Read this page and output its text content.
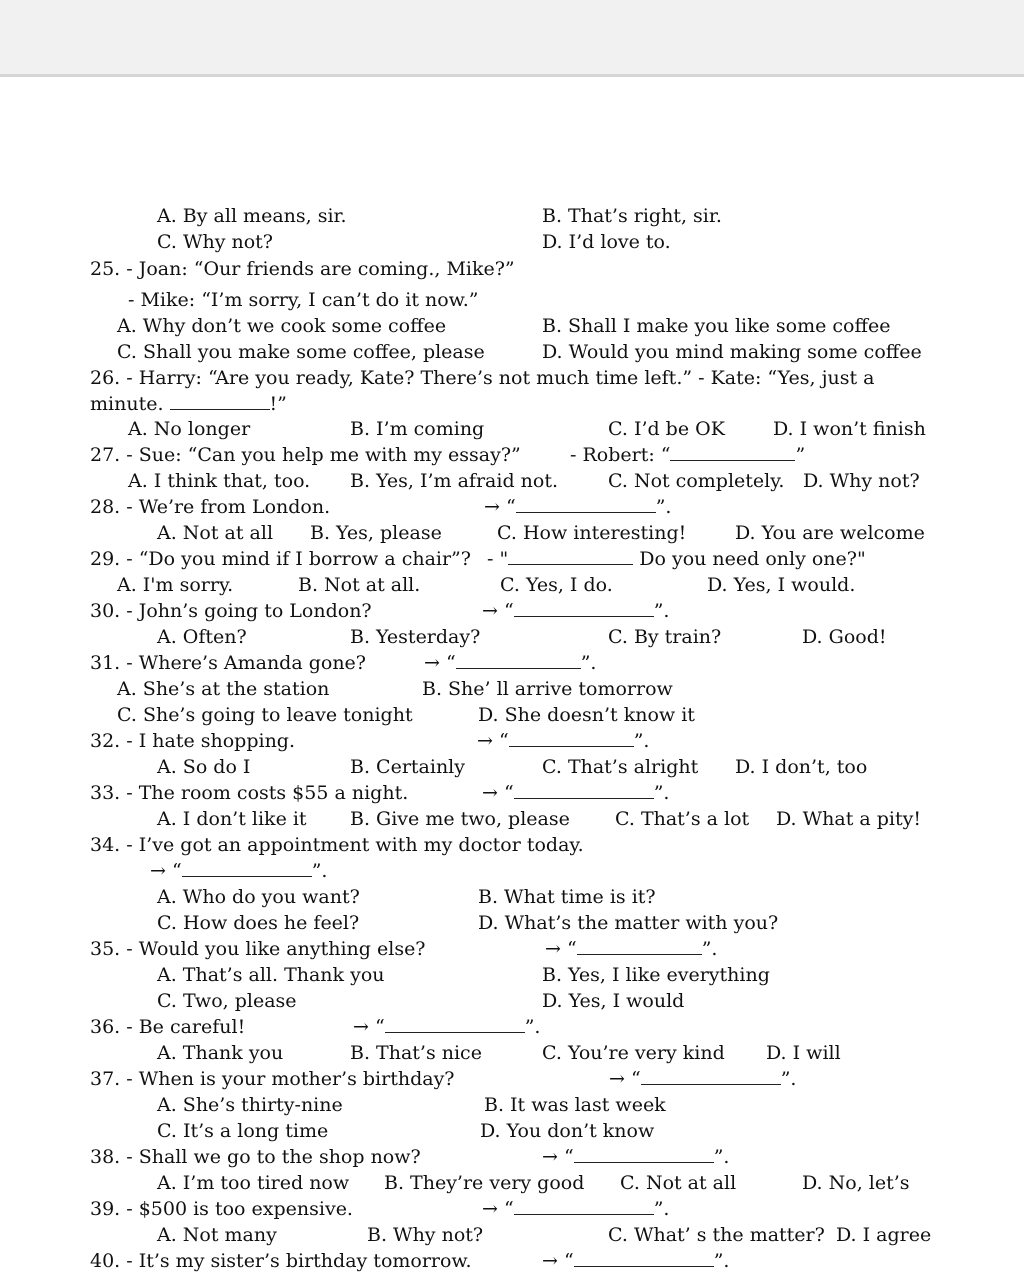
A. By all means, sir.	B. That’s right, sir.
C. Why not?	D. I’d love to.
25. - Joan: “Our friends are coming., Mike?”
- Mike: “I’m sorry, I can’t do it now.”
A. Why don’t we cook some coffee	B. Shall I make you like some coffee
C. Shall you make some coffee, please	D. Would you mind making some coffee
26. - Harry: “Are you ready, Kate? There’s not much time left.” - Kate: “Yes, just a
minute.	!”
A. No longer	B. I’m coming	C. I’d be OK	D. I won’t finish
27. - Sue: “Can you help me with my essay?”	- Robert: “	”
A. I think that, too. B. Yes, I’m afraid not.	C. Not completely. D. Why not?
28. - We’re from London.	→ “	”.
A. Not at all B. Yes, please	C. How interesting!	D. You are welcome
29. - “Do you mind if I borrow a chair”? - "	Do you need only one?"
A. I'm sorry.	B. Not at all.	C. Yes, I do.	D. Yes, I would.
30. - John’s going to London?	→ “	”.
A. Often?	B. Yesterday?	C. By train?	D. Good!
31. - Where’s Amanda gone?	→ “	”.
A. She’s at the station	B. She’ ll arrive tomorrow
C. She’s going to leave tonight	D. She doesn’t know it
32. - I hate shopping.	→ “	”.
A. So do I	B. Certainly	C. That’s alright D. I don’t, too
33. - The room costs $55 a night.	→ “	”.
A. I don’t like it B. Give me two, please C. That’s a lot D. What a pity!
34. - I’ve got an appointment with my doctor today.
→ “	”.
A. Who do you want?	B. What time is it?
C. How does he feel?	D. What’s the matter with you?
35. - Would you like anything else?	→ “	”.
A. That’s all. Thank you	B. Yes, I like everything
C. Two, please	D. Yes, I would
36. - Be careful!	→ “	”.
A. Thank you	B. That’s nice	C. You’re very kind D. I will
37. - When is your mother’s birthday?	→ “	”.
A. She’s thirty-nine	B. It was last week
C. It’s a long time	D. You don’t know
38. - Shall we go to the shop now?	→ “	”.
A. I’m too tired now B. They’re very good C. Not at all	D. No, let’s
39. - $500 is too expensive.	→ “	”.
A. Not many	B. Why not?	C. What’ s the matter? D. I agree
40. - It’s my sister’s birthday tomorrow.	→ “	”.
